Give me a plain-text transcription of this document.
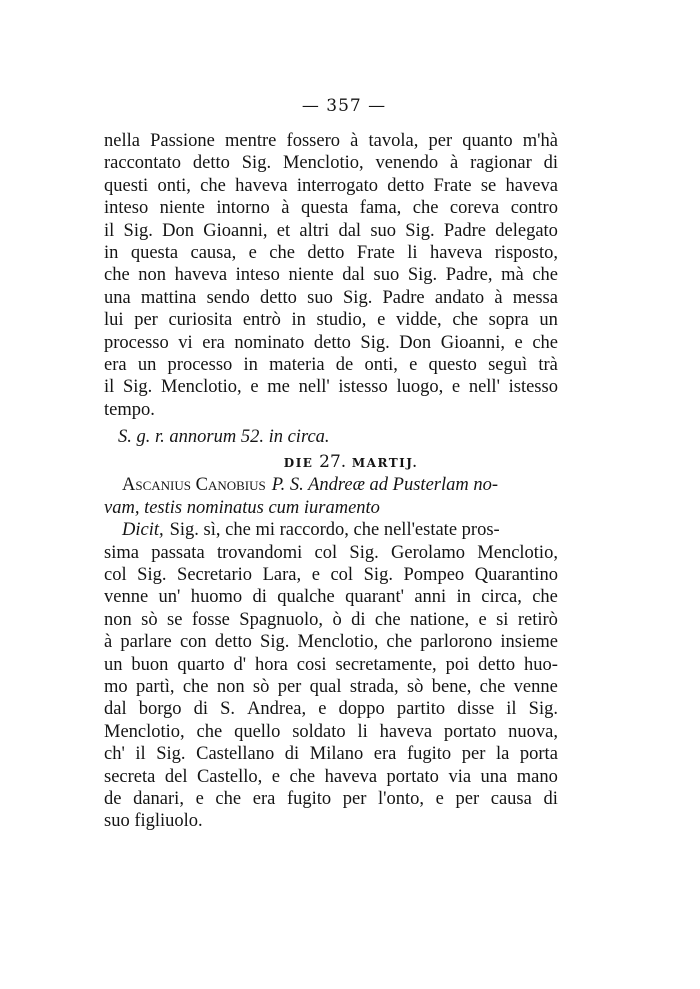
— 357 —
nella Passione mentre fossero à tavola, per quanto m'hà
raccontato detto Sig. Menclotio, venendo à ragionar di
questi onti, che haveva interrogato detto Frate se haveva
inteso niente intorno à questa fama, che coreva contro
il Sig. Don Gioanni, et altri dal suo Sig. Padre delegato
in questa causa, e che detto Frate li haveva risposto,
che non haveva inteso niente dal suo Sig. Padre, mà che
una mattina sendo detto suo Sig. Padre andato à messa
lui per curiosita entrò in studio, e vidde, che sopra un
processo vi era nominato detto Sig. Don Gioanni, e che
era un processo in materia de onti, e questo seguì trà
il Sig. Menclotio, e me nell' istesso luogo, e nell' istesso
tempo.
S. g. r. annorum 52. in circa.
DIE 27. MARTIJ.
Ascanius Canobius P. S. Andreæ ad Pusterlam no-
vam, testis nominatus cum iuramento
Dicit, Sig. sì, che mi raccordo, che nell'estate pros-
sima passata trovandomi col Sig. Gerolamo Menclotio,
col Sig. Secretario Lara, e col Sig. Pompeo Quarantino
venne un' huomo di qualche quarant' anni in circa, che
non sò se fosse Spagnuolo, ò di che natione, e si retirò
à parlare con detto Sig. Menclotio, che parlorono insieme
un buon quarto d' hora cosi secretamente, poi detto huo-
mo partì, che non sò per qual strada, sò bene, che venne
dal borgo di S. Andrea, e doppo partito disse il Sig.
Menclotio, che quello soldato li haveva portato nuova,
ch' il Sig. Castellano di Milano era fugito per la porta
secreta del Castello, e che haveva portato via una mano
de danari, e che era fugito per l'onto, e per causa di
suo figliuolo.
